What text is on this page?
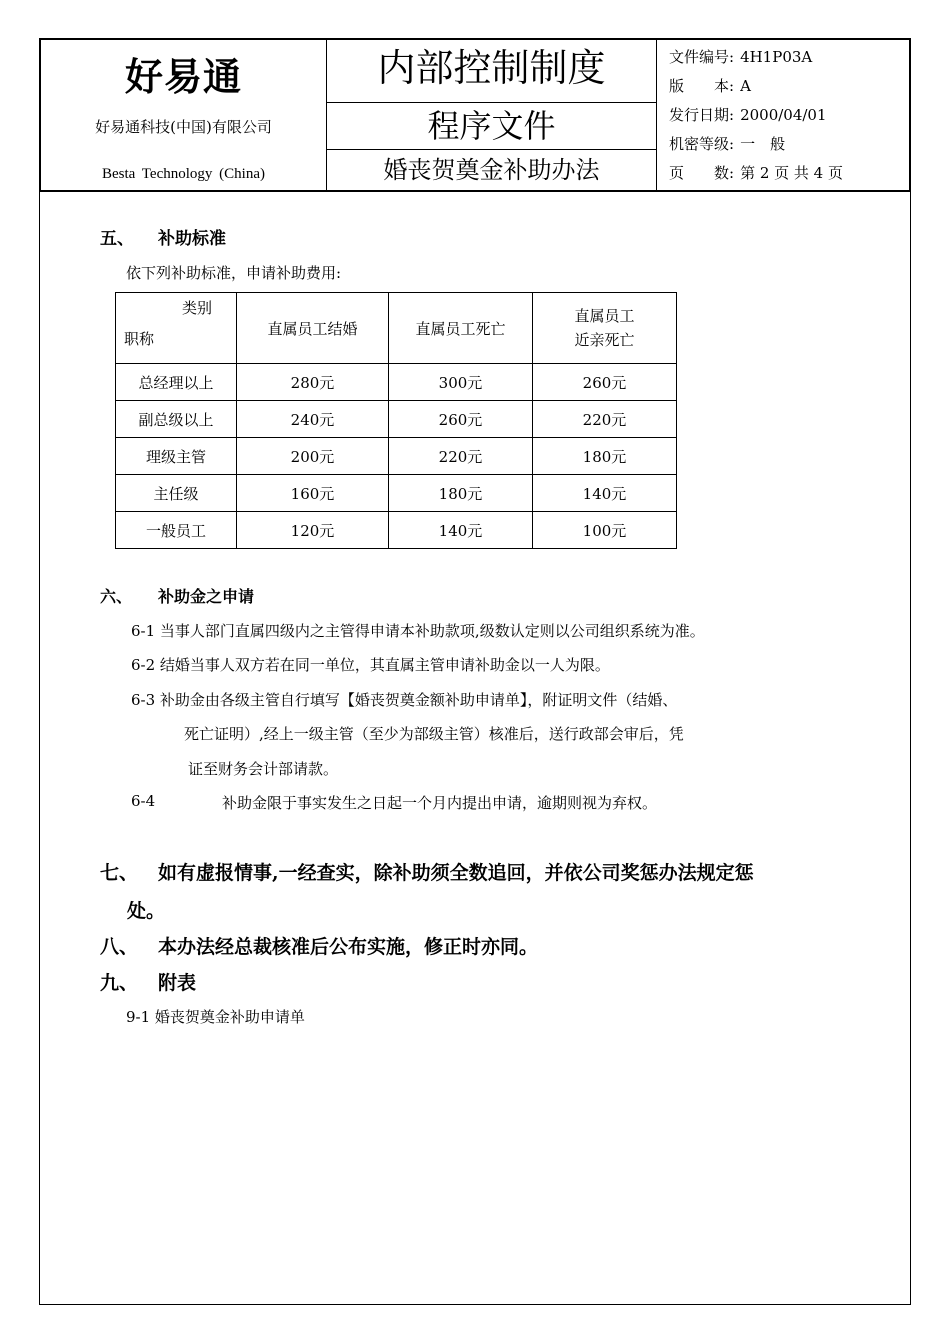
好易通
好易通科技(中国)有限公司
Besta Technology (China)
内部控制制度
程序文件
婚丧贺奠金补助办法
文件编号: 4H1P03A
版　　本:A
发行日期: 2000/04/01
机密等级: 一　般
页　　数: 第 2 页 共 4 页
五、 补助标准
依下列补助标准，申请补助费用:
类别
职称	直属员工结婚	直属员工死亡	直属员工
近亲死亡
总经理以上	280元	300元	260元
副总级以上	240元	260元	220元
理级主管	200元	220元	180元
主任级	160元	180元	140元
一般员工	120元	140元	100元
六、 补助金之申请
6-1 当事人部门直属四级内之主管得申请本补助款项,级数认定则以公司组织系统为准。
6-2 结婚当事人双方若在同一单位，其直属主管申请补助金以一人为限。
6-3 补助金由各级主管自行填写【婚丧贺奠金额补助申请单】，附证明文件（结婚、
死亡证明）,经上一级主管（至少为部级主管）核准后，送行政部会审后，凭
证至财务会计部请款。
6-4	补助金限于事实发生之日起一个月内提出申请，逾期则视为弃权。
七、 如有虚报情事,一经查实，除补助须全数追回，并依公司奖惩办法规定惩
处。
八、 本办法经总裁核准后公布实施，修正时亦同。
九、 附表
9-1 婚丧贺奠金补助申请单
